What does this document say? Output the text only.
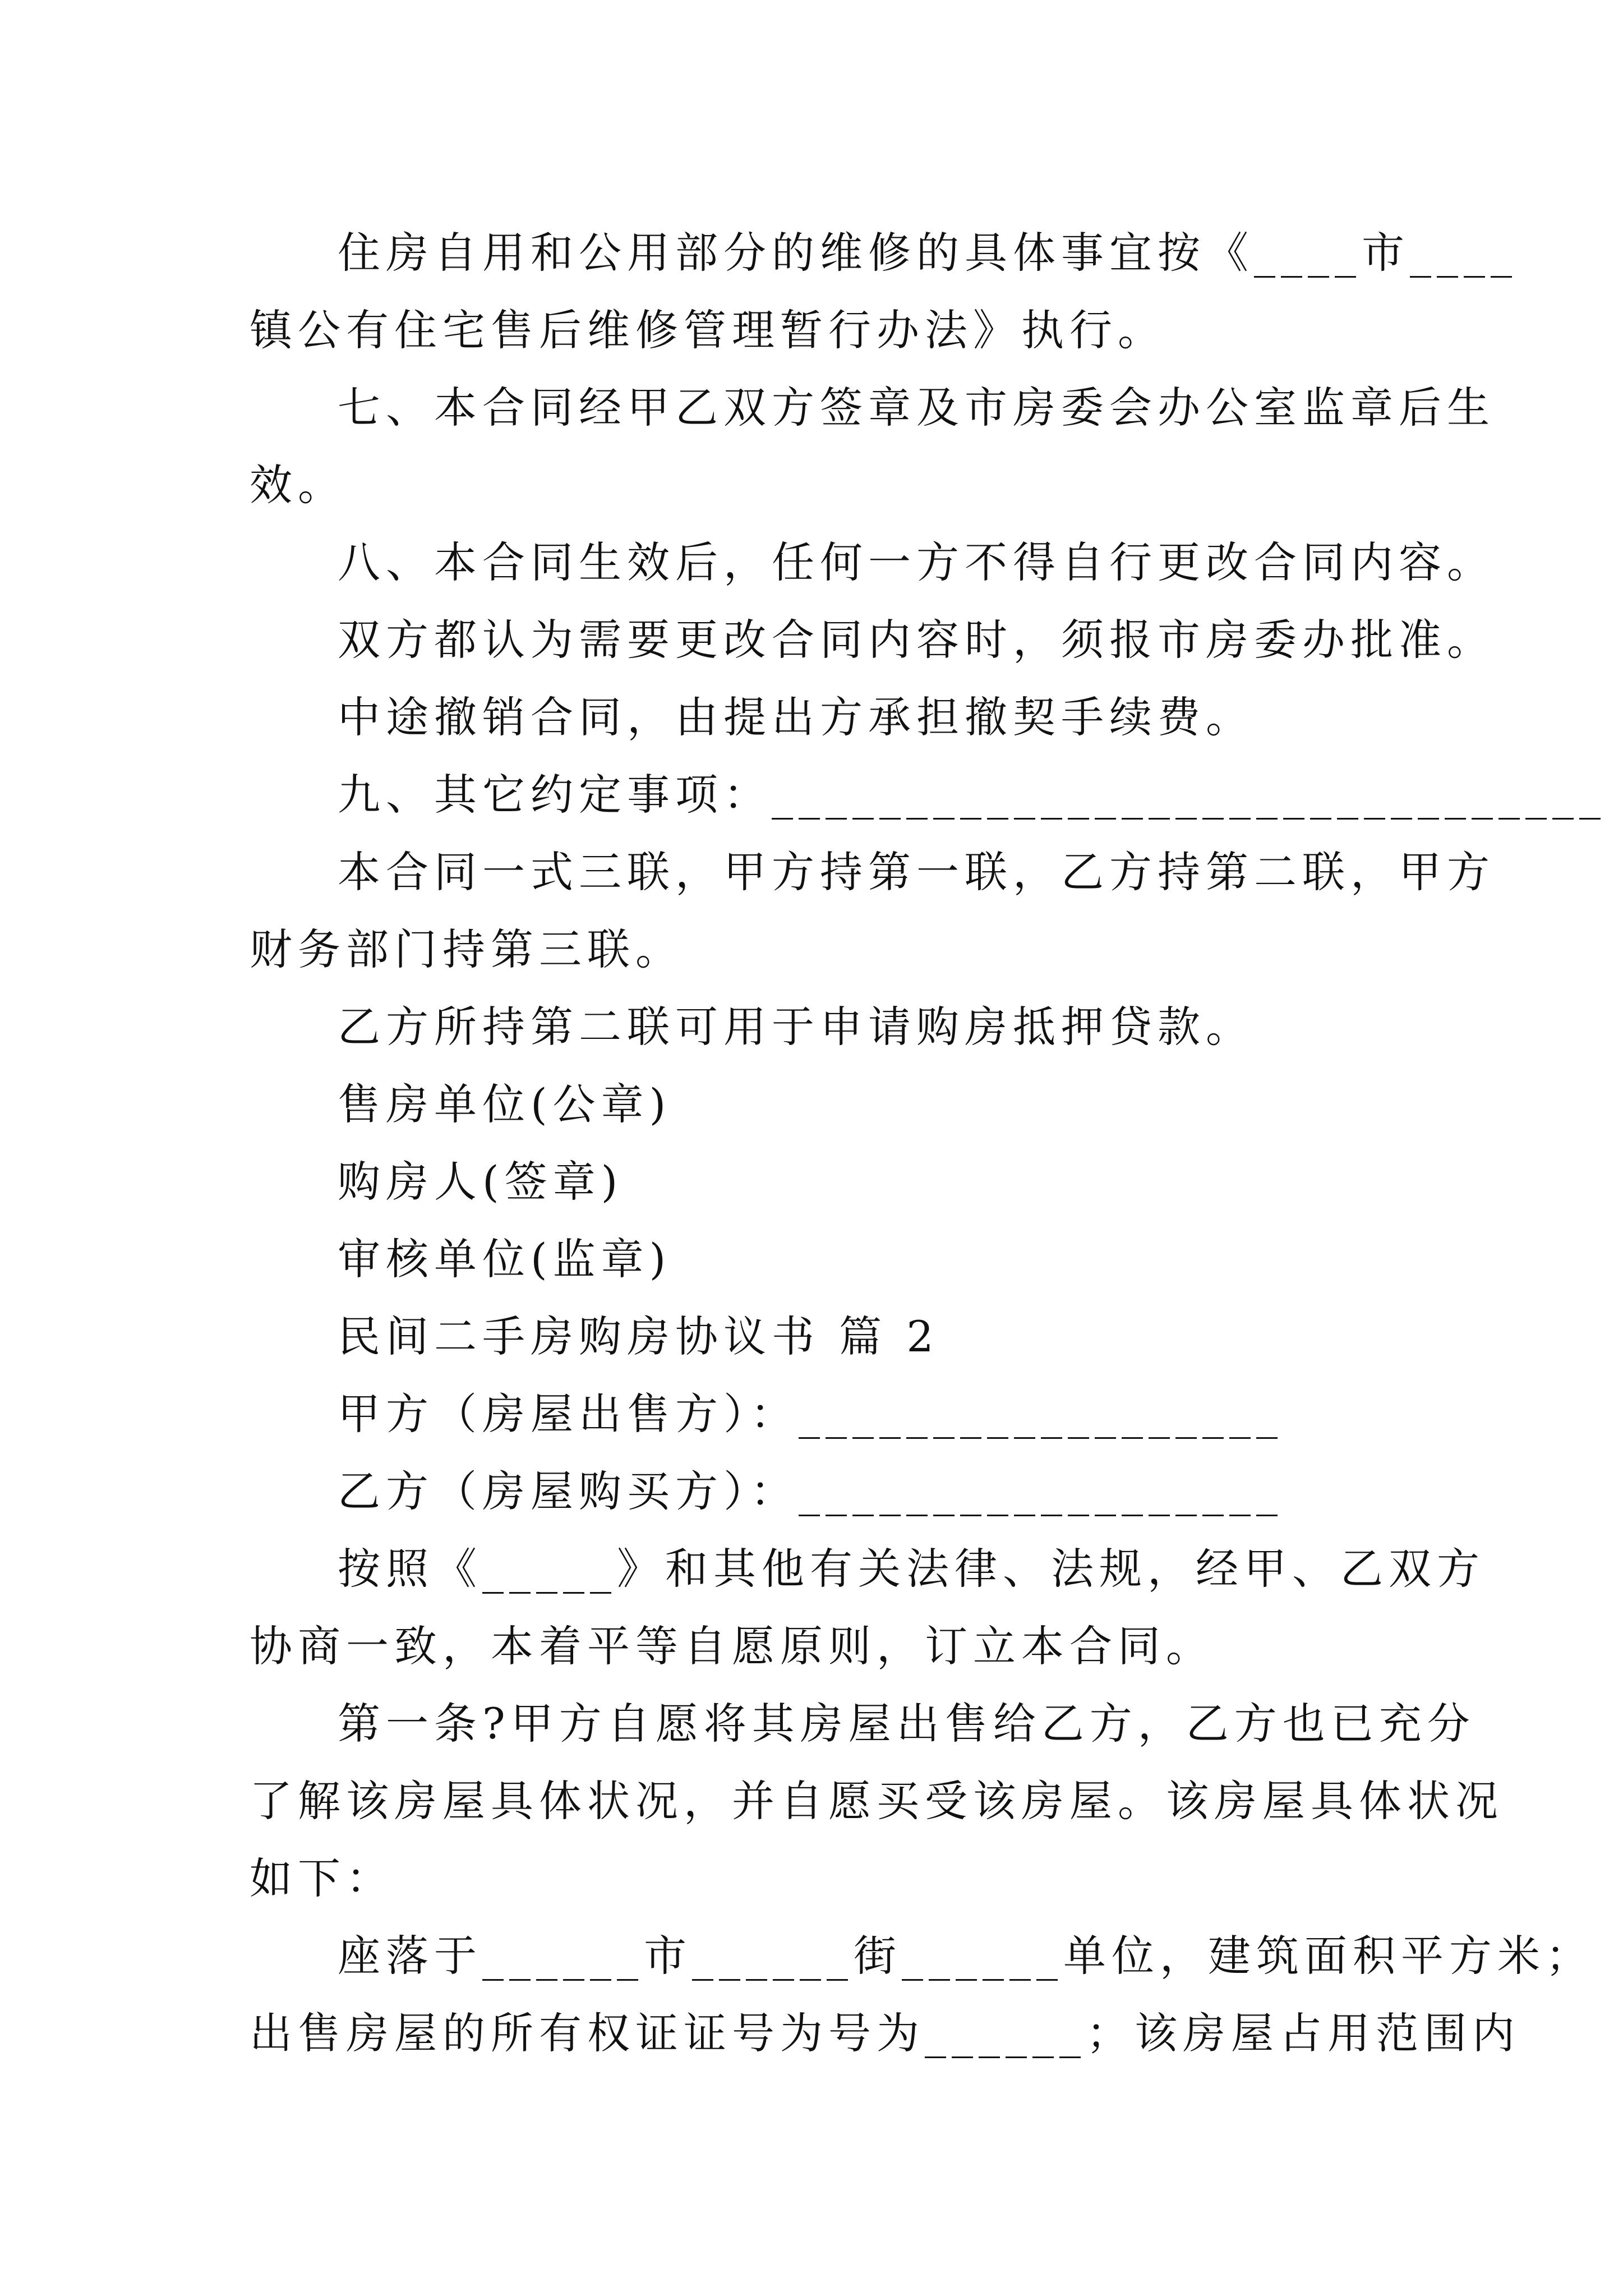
住房自用和公用部分的维修的具体事宜按《____市____
镇公有住宅售后维修管理暂行办法》执行。
七、本合同经甲乙双方签章及市房委会办公室监章后生
效。
八、本合同生效后，任何一方不得自行更改合同内容。
双方都认为需要更改合同内容时，须报市房委办批准。
中途撤销合同，由提出方承担撤契手续费。
九、其它约定事项：_______________________________
本合同一式三联，甲方持第一联，乙方持第二联，甲方
财务部门持第三联。
乙方所持第二联可用于申请购房抵押贷款。
售房单位(公章)
购房人(签章)
审核单位(监章)
民间二手房购房协议书 篇 2
甲方（房屋出售方）：__________________
乙方（房屋购买方）：__________________
按照《_____》和其他有关法律、法规，经甲、乙双方
协商一致，本着平等自愿原则，订立本合同。
第一条?甲方自愿将其房屋出售给乙方，乙方也已充分
了解该房屋具体状况，并自愿买受该房屋。该房屋具体状况
如下：
座落于______市______街______单位，建筑面积平方米；
出售房屋的所有权证证号为号为______；该房屋占用范围内
